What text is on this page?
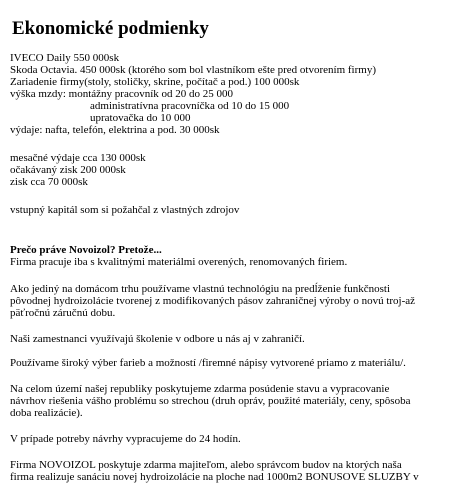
Ekonomické podmienky
IVECO Daily 550 000sk
Skoda Octavia. 450 000sk (ktorého som bol vlastníkom ešte pred otvorením firmy)
Zariadenie firmy(stoly, stoličky, skrine, počítač a pod.) 100 000sk
výška mzdy: montážny pracovník od 20 do 25 000
administratívna pracovníčka od 10 do 15 000
upratovačka do 10 000
výdaje: nafta, telefón, elektrina a pod. 30 000sk
mesačné výdaje cca 130 000sk
očakávaný zisk 200 000sk
zisk cca 70 000sk
vstupný kapitál som si požahčal z vlastných zdrojov
Prečo práve Novoizol? Pretože...
Firma pracuje iba s kvalitnými materiálmi overených, renomovaných firiem.
Ako jediný na domácom trhu používame vlastnú technológiu na predĺženie funkčnosti
pôvodnej hydroizolácie tvorenej z modifikovaných pásov zahraničnej výroby o novú troj-až
päťročnú záručnú dobu.
Naši zamestnanci využívajú školenie v odbore u nás aj v zahraničí.
Používame široký výber farieb a možností /firemné nápisy vytvorené priamo z materiálu/.
Na celom území našej republiky poskytujeme zdarma posúdenie stavu a vypracovanie
návrhov riešenia vášho problému so strechou (druh opráv, použité materiály, ceny, spôsoba
doba realizácie).
V prípade potreby návrhy vypracujeme do 24 hodín.
Firma NOVOIZOL poskytuje zdarma majiteľom, alebo správcom budov na ktorých naša
firma realizuje sanáciu novej hydroizolácie na ploche nad 1000m2 BONUSOVE SLUZBY v
